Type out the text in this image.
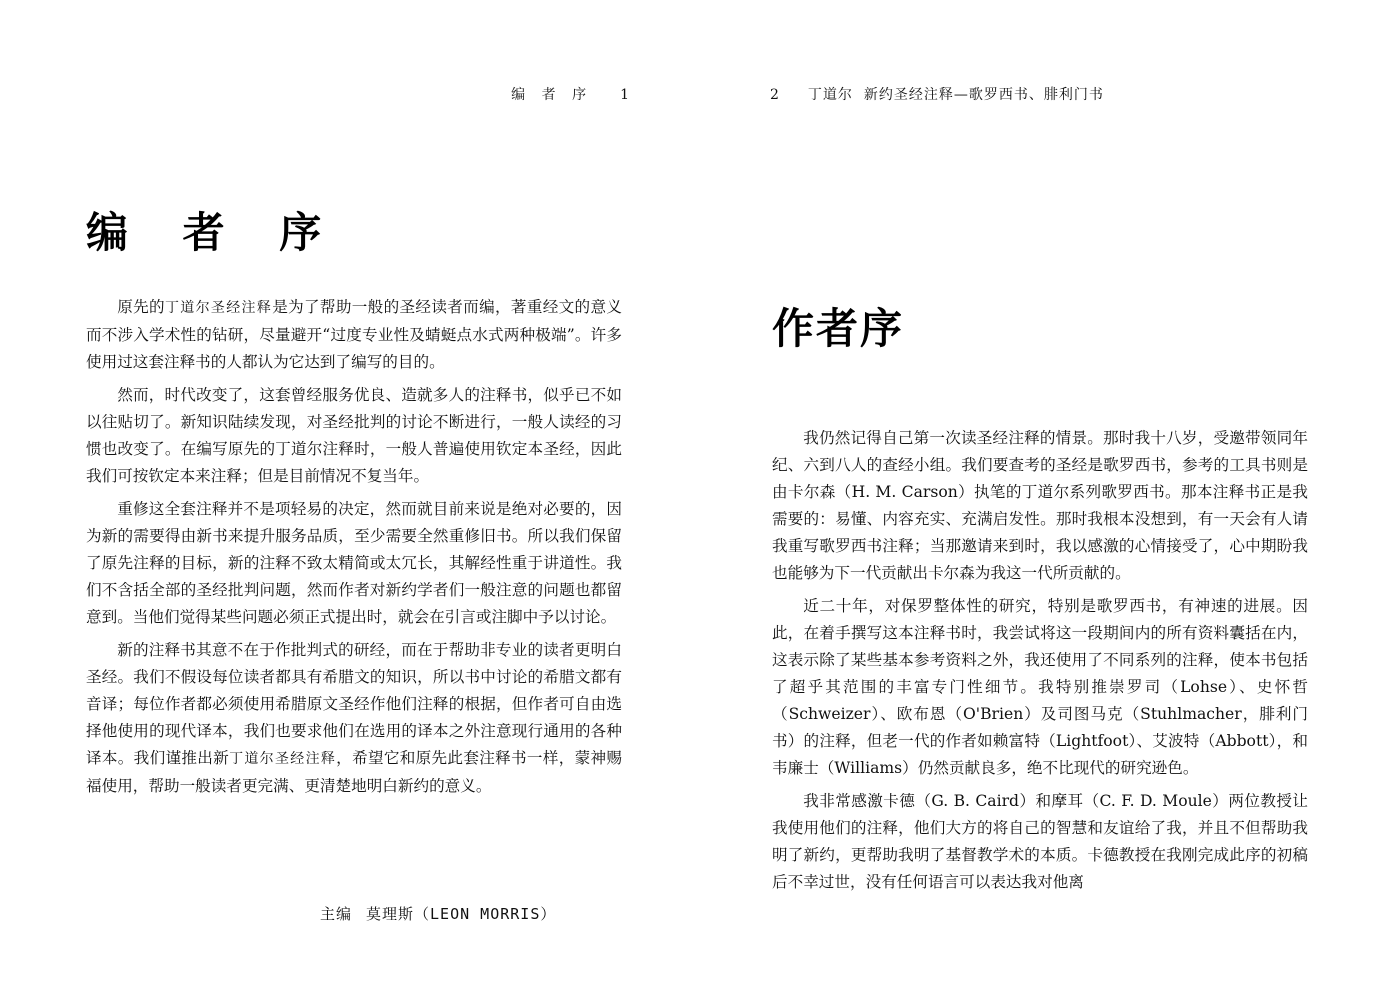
编 者 序 1
编 者 序

原先的丁道尔圣经注释是为了帮助一般的圣经读者而编，著重经文的意义而不涉入学术性的钻研，尽量避开“过度专业性及蜻蜓点水式两种极端”。许多使用过这套注释书的人都认为它达到了编写的目的。

然而，时代改变了，这套曾经服务优良、造就多人的注释书，似乎已不如以往贴切了。新知识陆续发现，对圣经批判的讨论不断进行，一般人读经的习惯也改变了。在编写原先的丁道尔注释时，一般人普遍使用钦定本圣经，因此我们可按钦定本来注释；但是目前情况不复当年。

重修这全套注释并不是项轻易的决定，然而就目前来说是绝对必要的，因为新的需要得由新书来提升服务品质，至少需要全然重修旧书。所以我们保留了原先注释的目标，新的注释不致太精简或太冗长，其解经性重于讲道性。我们不含括全部的圣经批判问题，然而作者对新约学者们一般注意的问题也都留意到。当他们觉得某些问题必须正式提出时，就会在引言或注脚中予以讨论。

新的注释书其意不在于作批判式的研经，而在于帮助非专业的读者更明白圣经。我们不假设每位读者都具有希腊文的知识，所以书中讨论的希腊文都有音译；每位作者都必须使用希腊原文圣经作他们注释的根据，但作者可自由选择他使用的现代译本，我们也要求他们在选用的译本之外注意现行通用的各种译本。我们谨推出新丁道尔圣经注释，希望它和原先此套注释书一样，蒙神赐福使用，帮助一般读者更完满、更清楚地明白新约的意义。

主编 莫理斯（LEON MORRIS）
2 丁道尔 新约圣经注释—歌罗西书、腓利门书
作者序

我仍然记得自己第一次读圣经注释的情景。那时我十八岁，受邀带领同年纪、六到八人的查经小组。我们要查考的圣经是歌罗西书，参考的工具书则是由卡尔森（H. M. Carson）执笔的丁道尔系列歌罗西书。那本注释书正是我需要的：易懂、内容充实、充满启发性。那时我根本没想到，有一天会有人请我重写歌罗西书注释；当那邀请来到时，我以感激的心情接受了，心中期盼我也能够为下一代贡献出卡尔森为我这一代所贡献的。

近二十年，对保罗整体性的研究，特别是歌罗西书，有神速的进展。因此，在着手撰写这本注释书时，我尝试将这一段期间内的所有资料囊括在内，这表示除了某些基本参考资料之外，我还使用了不同系列的注释，使本书包括了超乎其范围的丰富专门性细节。我特别推崇罗司（Lohse）、史怀哲（Schweizer）、欧布恩（O'Brien）及司图马克（Stuhlmacher，腓利门书）的注释，但老一代的作者如赖富特（Lightfoot）、艾波特（Abbott），和韦廉士（Williams）仍然贡献良多，绝不比现代的研究逊色。

我非常感激卡德（G. B. Caird）和摩耳（C. F. D. Moule）两位教授让我使用他们的注释，他们大方的将自己的智慧和友谊给了我，并且不但帮助我明了新约，更帮助我明了基督教学术的本质。卡德教授在我刚完成此序的初稿后不幸过世，没有任何语言可以表达我对他离
